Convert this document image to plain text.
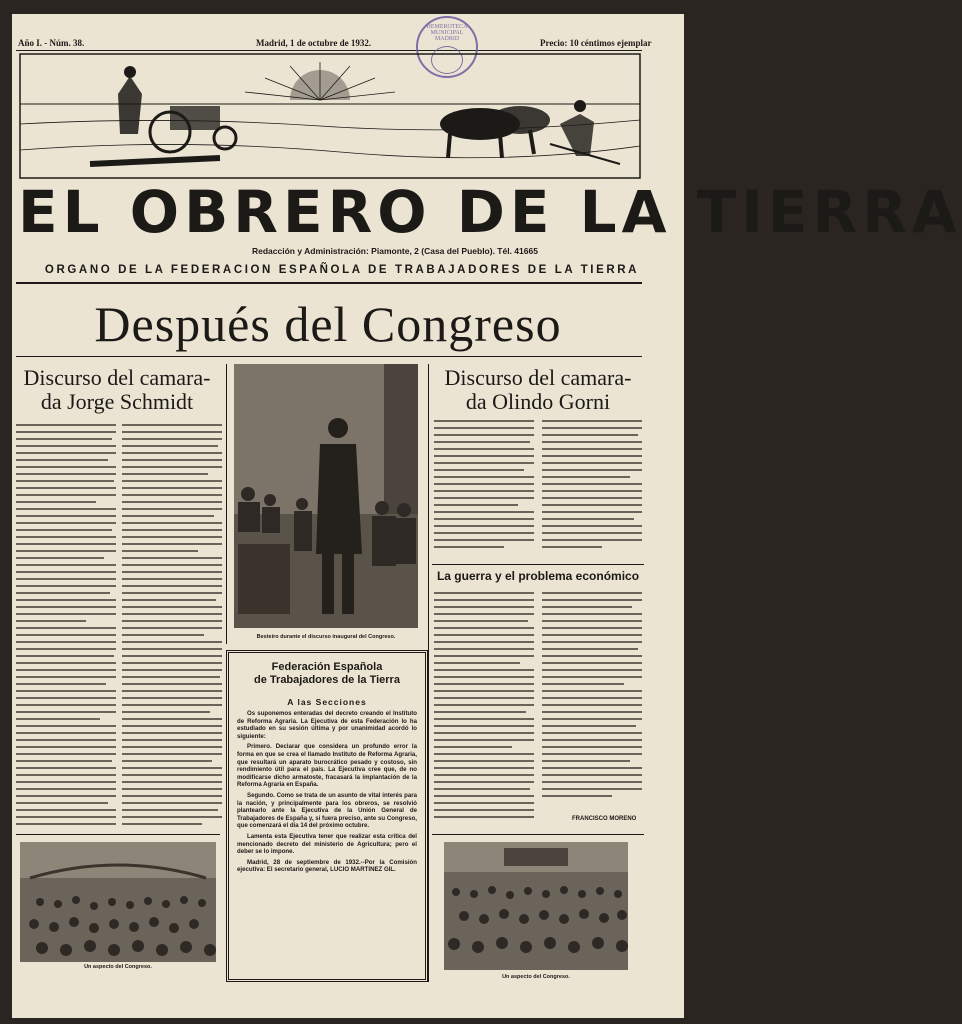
Año I. - Núm. 38.	Madrid, 1 de octubre de 1932.	Precio: 10 céntimos ejemplar
HEMEROTECA MUNICIPAL MADRID
EL OBRERO DE LA TIERRA
Redacción y Administración: Piamonte, 2 (Casa del Pueblo). Tél. 41665
ORGANO DE LA FEDERACION ESPAÑOLA DE TRABAJADORES DE LA TIERRA
Después del Congreso
Discurso del camara-
da Jorge Schmidt
Un aspecto del Congreso.
Besteiro durante el discurso inaugural del Congreso.
Federación Española
de Trabajadores de la Tierra
A las Secciones

Os suponemos enteradas del decreto creando el Instituto de Reforma Agraria. La Ejecutiva de esta Federación lo ha estudiado en su sesión última y por unanimidad acordó lo siguiente:

Primero. Declarar que considera un profundo error la forma en que se crea el llamado Instituto de Reforma Agraria, que resultará un aparato burocrático pesado y costoso, sin rendimiento útil para el país. La Ejecutiva cree que, de no modificarse dicho armatoste, fracasará la implantación de la Reforma Agraria en España.

Segundo. Como se trata de un asunto de vital interés para la nación, y principalmente para los obreros, se resolvió plantearlo ante la Ejecutiva de la Unión General de Trabajadores de España y, si fuera preciso, ante su Congreso, que comenzará el día 14 del próximo octubre.

Lamenta esta Ejecutiva tener que realizar esta crítica del mencionado decreto del ministerio de Agricultura; pero el deber se lo impone.

Madrid, 28 de septiembre de 1932.--Por la Comisión ejecutiva: El secretario general, LUCIO MARTINEZ GIL.

Discurso del camara-
da Olindo Gorni
La guerra y el problema económico
FRANCISCO MORENO
Un aspecto del Congreso.
